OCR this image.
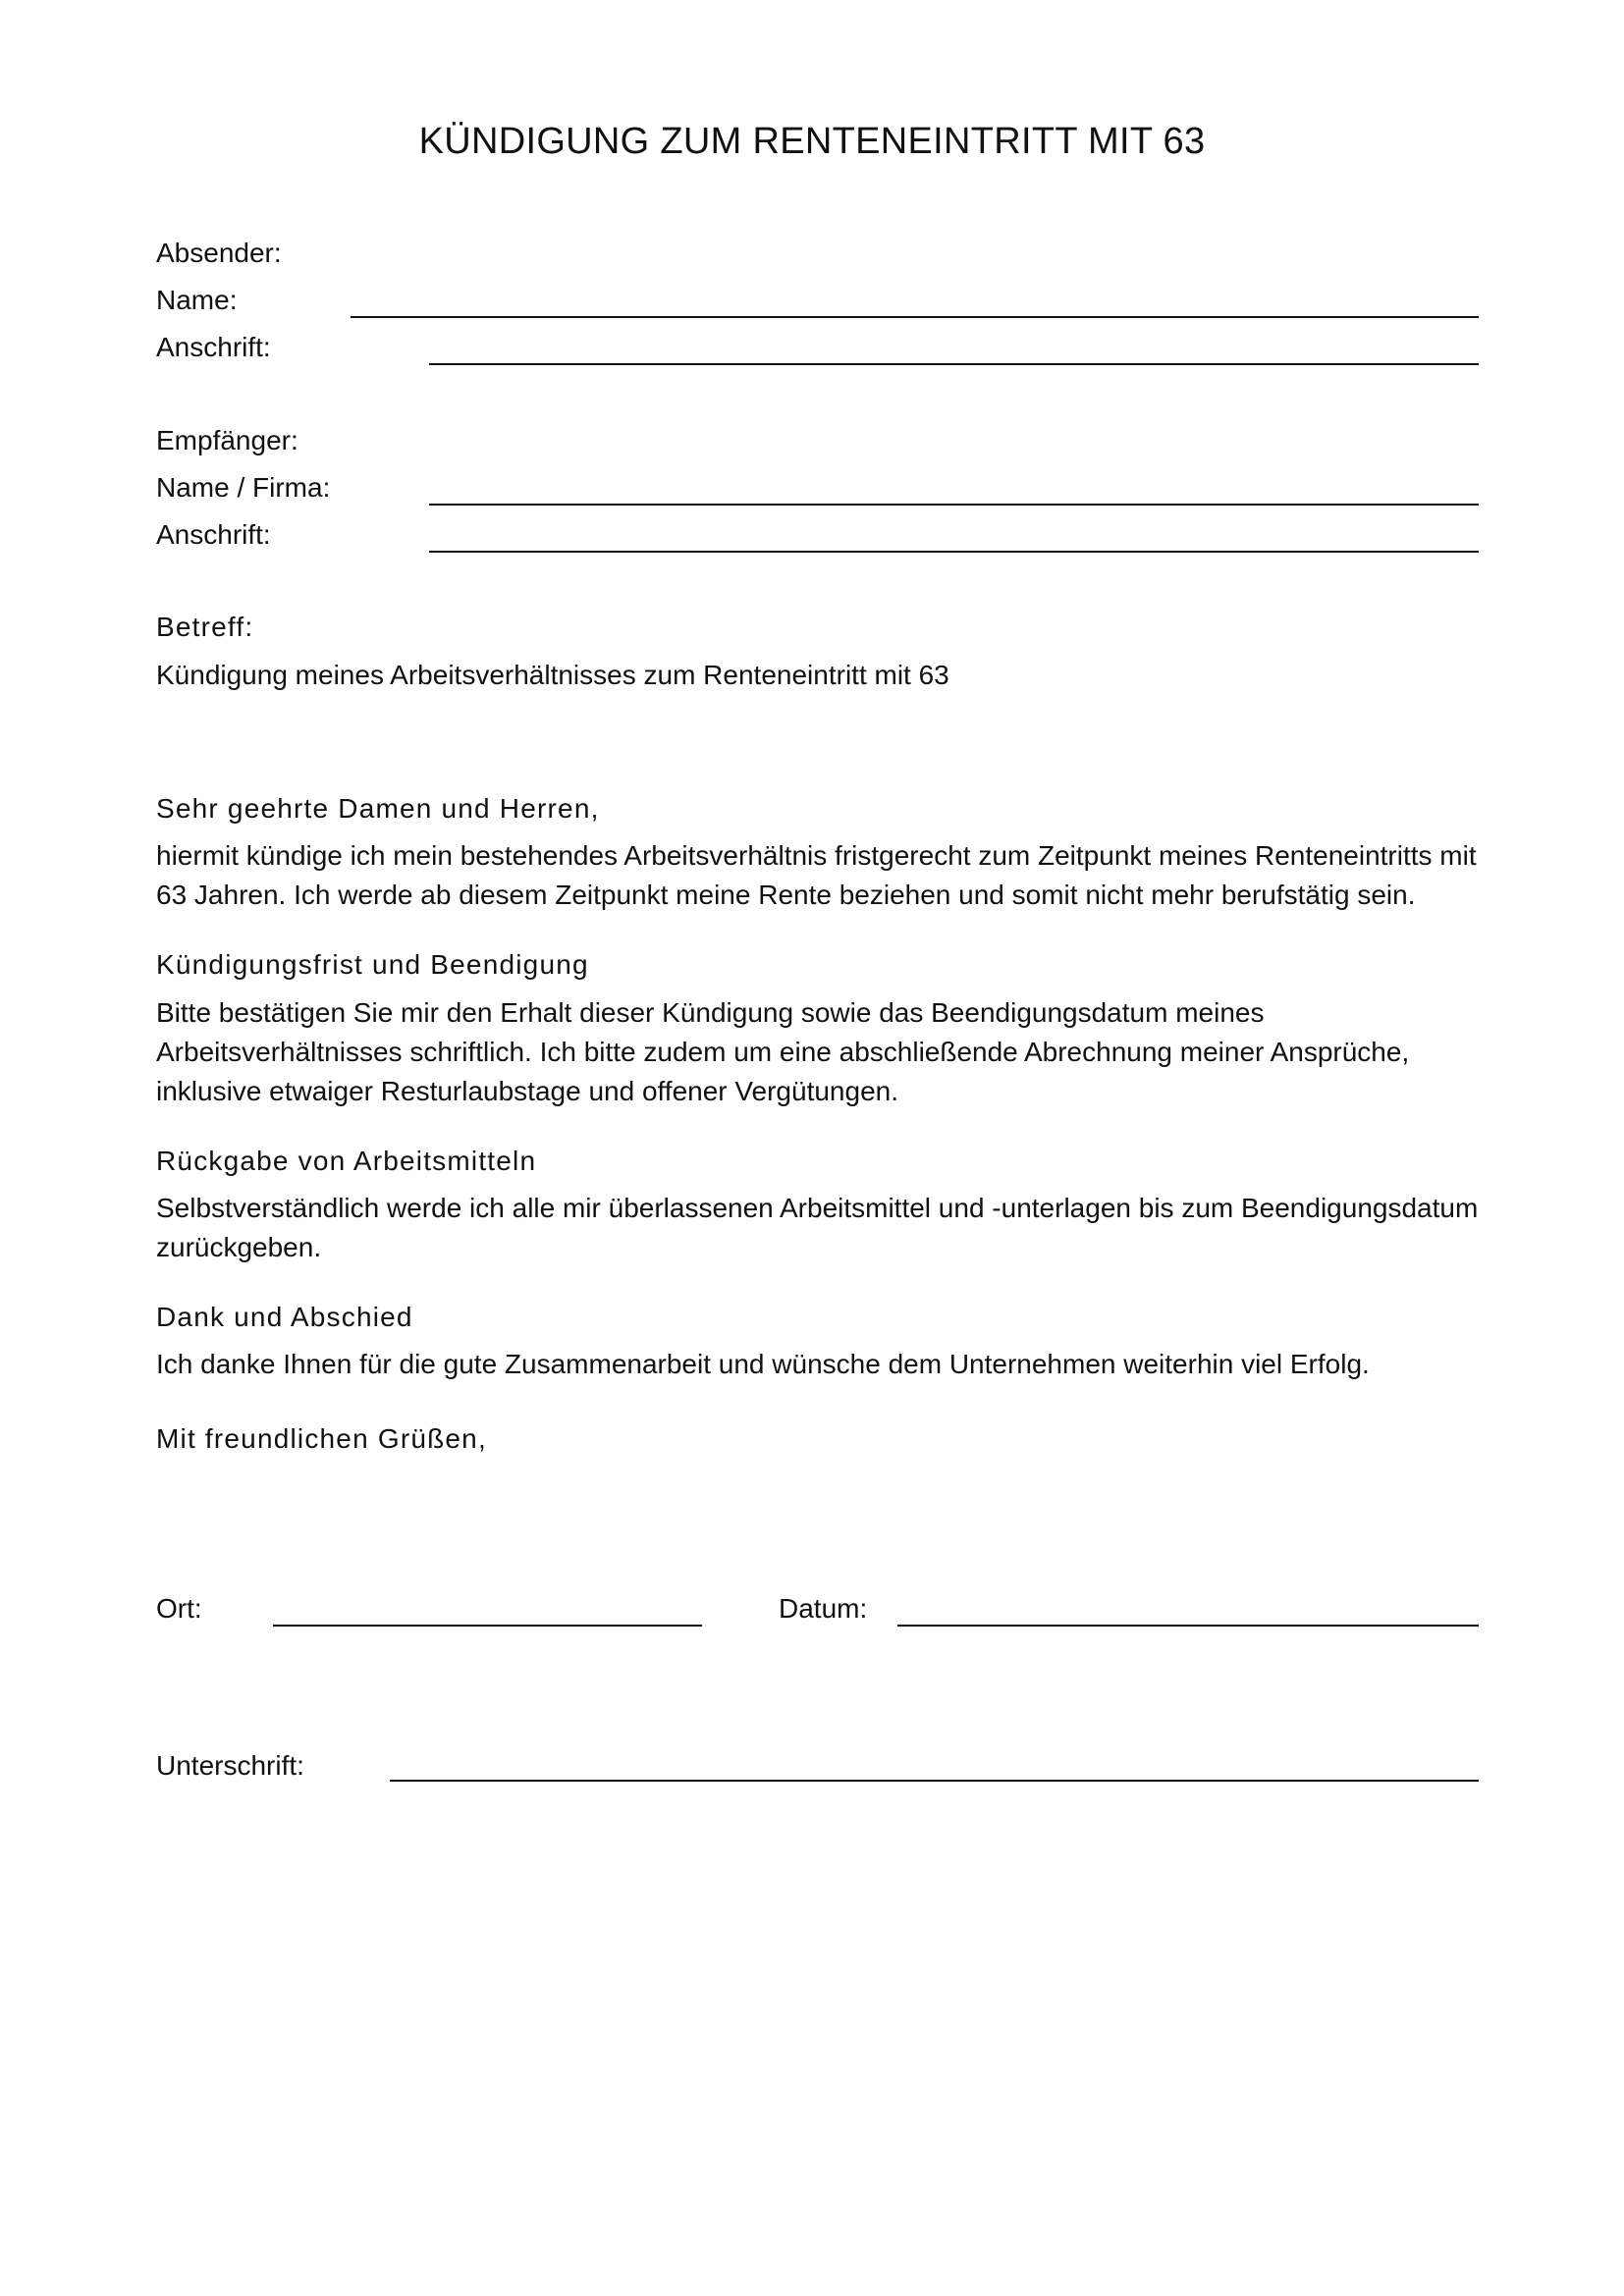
KÜNDIGUNG ZUM RENTENEINTRITT MIT 63
Absender:
Name:
Anschrift:
Empfänger:
Name / Firma:
Anschrift:
Betreff:
Kündigung meines Arbeitsverhältnisses zum Renteneintritt mit 63
Sehr geehrte Damen und Herren,
hiermit kündige ich mein bestehendes Arbeitsverhältnis fristgerecht zum Zeitpunkt meines Renteneintritts mit 63 Jahren. Ich werde ab diesem Zeitpunkt meine Rente beziehen und somit nicht mehr berufstätig sein.
Kündigungsfrist und Beendigung
Bitte bestätigen Sie mir den Erhalt dieser Kündigung sowie das Beendigungsdatum meines Arbeitsverhältnisses schriftlich. Ich bitte zudem um eine abschließende Abrechnung meiner Ansprüche, inklusive etwaiger Resturlaubstage und offener Vergütungen.
Rückgabe von Arbeitsmitteln
Selbstverständlich werde ich alle mir überlassenen Arbeitsmittel und -unterlagen bis zum Beendigungsdatum zurückgeben.
Dank und Abschied
Ich danke Ihnen für die gute Zusammenarbeit und wünsche dem Unternehmen weiterhin viel Erfolg.
Mit freundlichen Grüßen,
Ort:	Datum:
Unterschrift:
